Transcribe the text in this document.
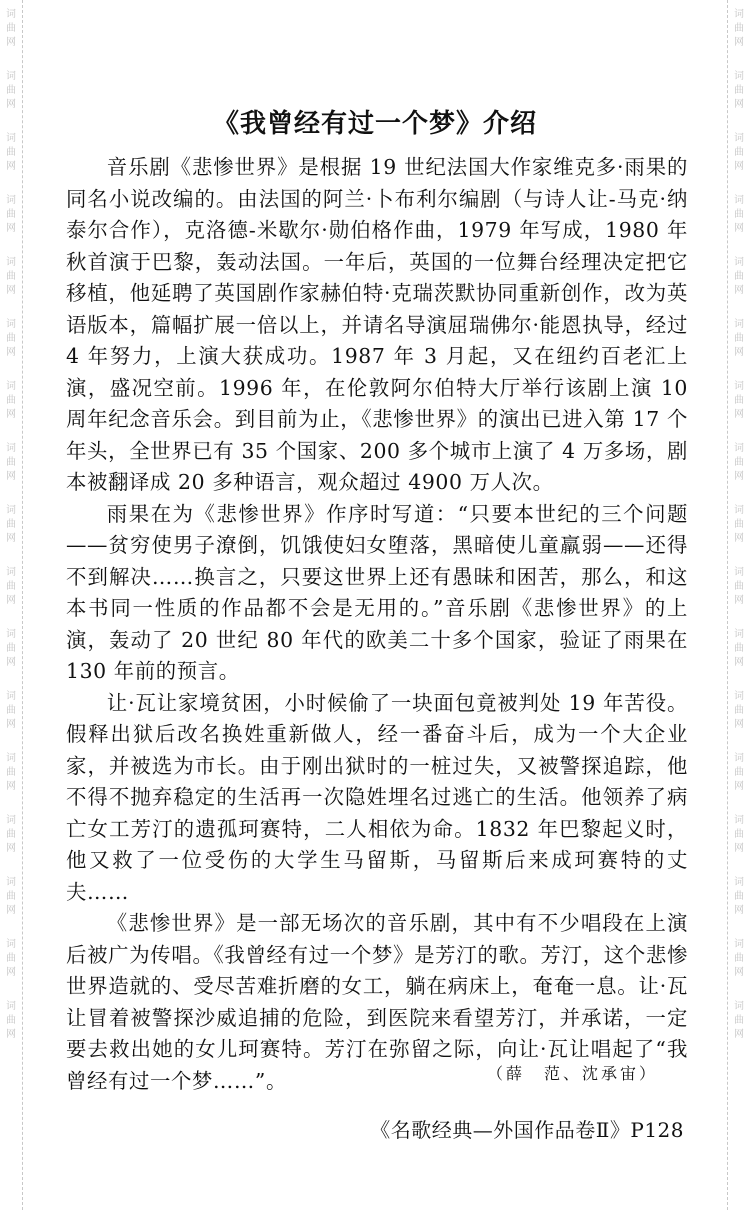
词
曲
网
词
曲
网
词
曲
网
词
曲
网
词
曲
网
词
曲
网
词
曲
网
词
曲
网
词
曲
网
词
曲
网
词
曲
网
词
曲
网
词
曲
网
词
曲
网
词
曲
网
词
曲
网
词
曲
网
词
曲
网
词
曲
网
词
曲
网
词
曲
网
词
曲
网
词
曲
网
词
曲
网
词
曲
网
词
曲
网
词
曲
网
词
曲
网
词
曲
网
词
曲
网
词
曲
网
词
曲
网
词
曲
网
词
曲
网
《我曾经有过一个梦》介绍

音乐剧《悲惨世界》是根据 19 世纪法国大作家维克多·雨果的同名小说改编的。由法国的阿兰·卜布利尔编剧（与诗人让-马克·纳泰尔合作），克洛德-米歇尔·勋伯格作曲，1979 年写成，1980 年秋首演于巴黎，轰动法国。一年后，英国的一位舞台经理决定把它移植，他延聘了英国剧作家赫伯特·克瑞茨默协同重新创作，改为英语版本，篇幅扩展一倍以上，并请名导演屈瑞佛尔·能恩执导，经过 4 年努力，上演大获成功。1987 年 3 月起，又在纽约百老汇上演，盛况空前。1996 年，在伦敦阿尔伯特大厅举行该剧上演 10 周年纪念音乐会。到目前为止，《悲惨世界》的演出已进入第 17 个年头，全世界已有 35 个国家、200 多个城市上演了 4 万多场，剧本被翻译成 20 多种语言，观众超过 4900 万人次。

雨果在为《悲惨世界》作序时写道：“只要本世纪的三个问题——贫穷使男子潦倒，饥饿使妇女堕落，黑暗使儿童羸弱——还得不到解决……换言之，只要这世界上还有愚昧和困苦，那么，和这本书同一性质的作品都不会是无用的。”音乐剧《悲惨世界》的上演，轰动了 20 世纪 80 年代的欧美二十多个国家，验证了雨果在 130 年前的预言。

让·瓦让家境贫困，小时候偷了一块面包竟被判处 19 年苦役。假释出狱后改名换姓重新做人，经一番奋斗后，成为一个大企业家，并被选为市长。由于刚出狱时的一桩过失，又被警探追踪，他不得不抛弃稳定的生活再一次隐姓埋名过逃亡的生活。他领养了病亡女工芳汀的遗孤珂赛特，二人相依为命。1832 年巴黎起义时，他又救了一位受伤的大学生马留斯，马留斯后来成珂赛特的丈夫……

《悲惨世界》是一部无场次的音乐剧，其中有不少唱段在上演后被广为传唱。《我曾经有过一个梦》是芳汀的歌。芳汀，这个悲惨世界造就的、受尽苦难折磨的女工，躺在病床上，奄奄一息。让·瓦让冒着被警探沙威追捕的危险，到医院来看望芳汀，并承诺，一定要去救出她的女儿珂赛特。芳汀在弥留之际，向让·瓦让唱起了“我曾经有过一个梦……”。	（薛　范、沈承宙）
《名歌经典—外国作品卷Ⅱ》P128
